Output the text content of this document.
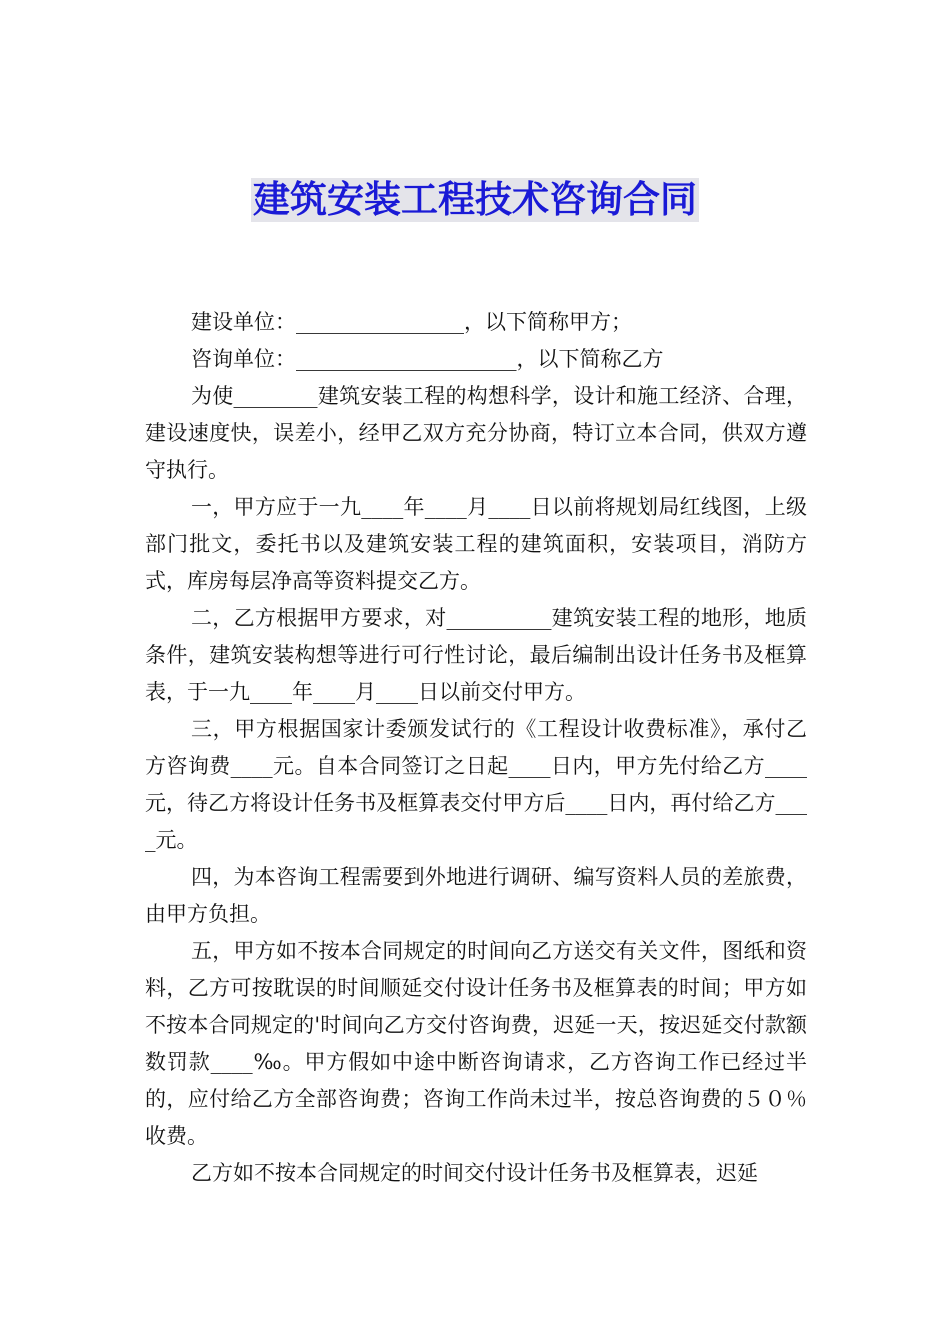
建筑安装工程技术咨询合同

建设单位：________________，以下简称甲方；

咨询单位：_____________________，以下简称乙方

为使________建筑安装工程的构想科学，设计和施工经济、合理，建设速度快，误差小，经甲乙双方充分协商，特订立本合同，供双方遵守执行。

一，甲方应于一九____年____月____日以前将规划局红线图，上级部门批文，委托书以及建筑安装工程的建筑面积，安装项目，消防方式，库房每层净高等资料提交乙方。

二，乙方根据甲方要求，对__________建筑安装工程的地形，地质条件，建筑安装构想等进行可行性讨论，最后编制出设计任务书及框算表，于一九____年____月____日以前交付甲方。

三，甲方根据国家计委颁发试行的《工程设计收费标准》，承付乙方咨询费____元。自本合同签订之日起____日内，甲方先付给乙方____元，待乙方将设计任务书及框算表交付甲方后____日内，再付给乙方____元。

四，为本咨询工程需要到外地进行调研、编写资料人员的差旅费，由甲方负担。

五，甲方如不按本合同规定的时间向乙方送交有关文件，图纸和资料，乙方可按耽误的时间顺延交付设计任务书及框算表的时间；甲方如不按本合同规定的'时间向乙方交付咨询费，迟延一天，按迟延交付款额数罚款____‰。甲方假如中途中断咨询请求，乙方咨询工作已经过半的，应付给乙方全部咨询费；咨询工作尚未过半，按总咨询费的５０％收费。

乙方如不按本合同规定的时间交付设计任务书及框算表，迟延
